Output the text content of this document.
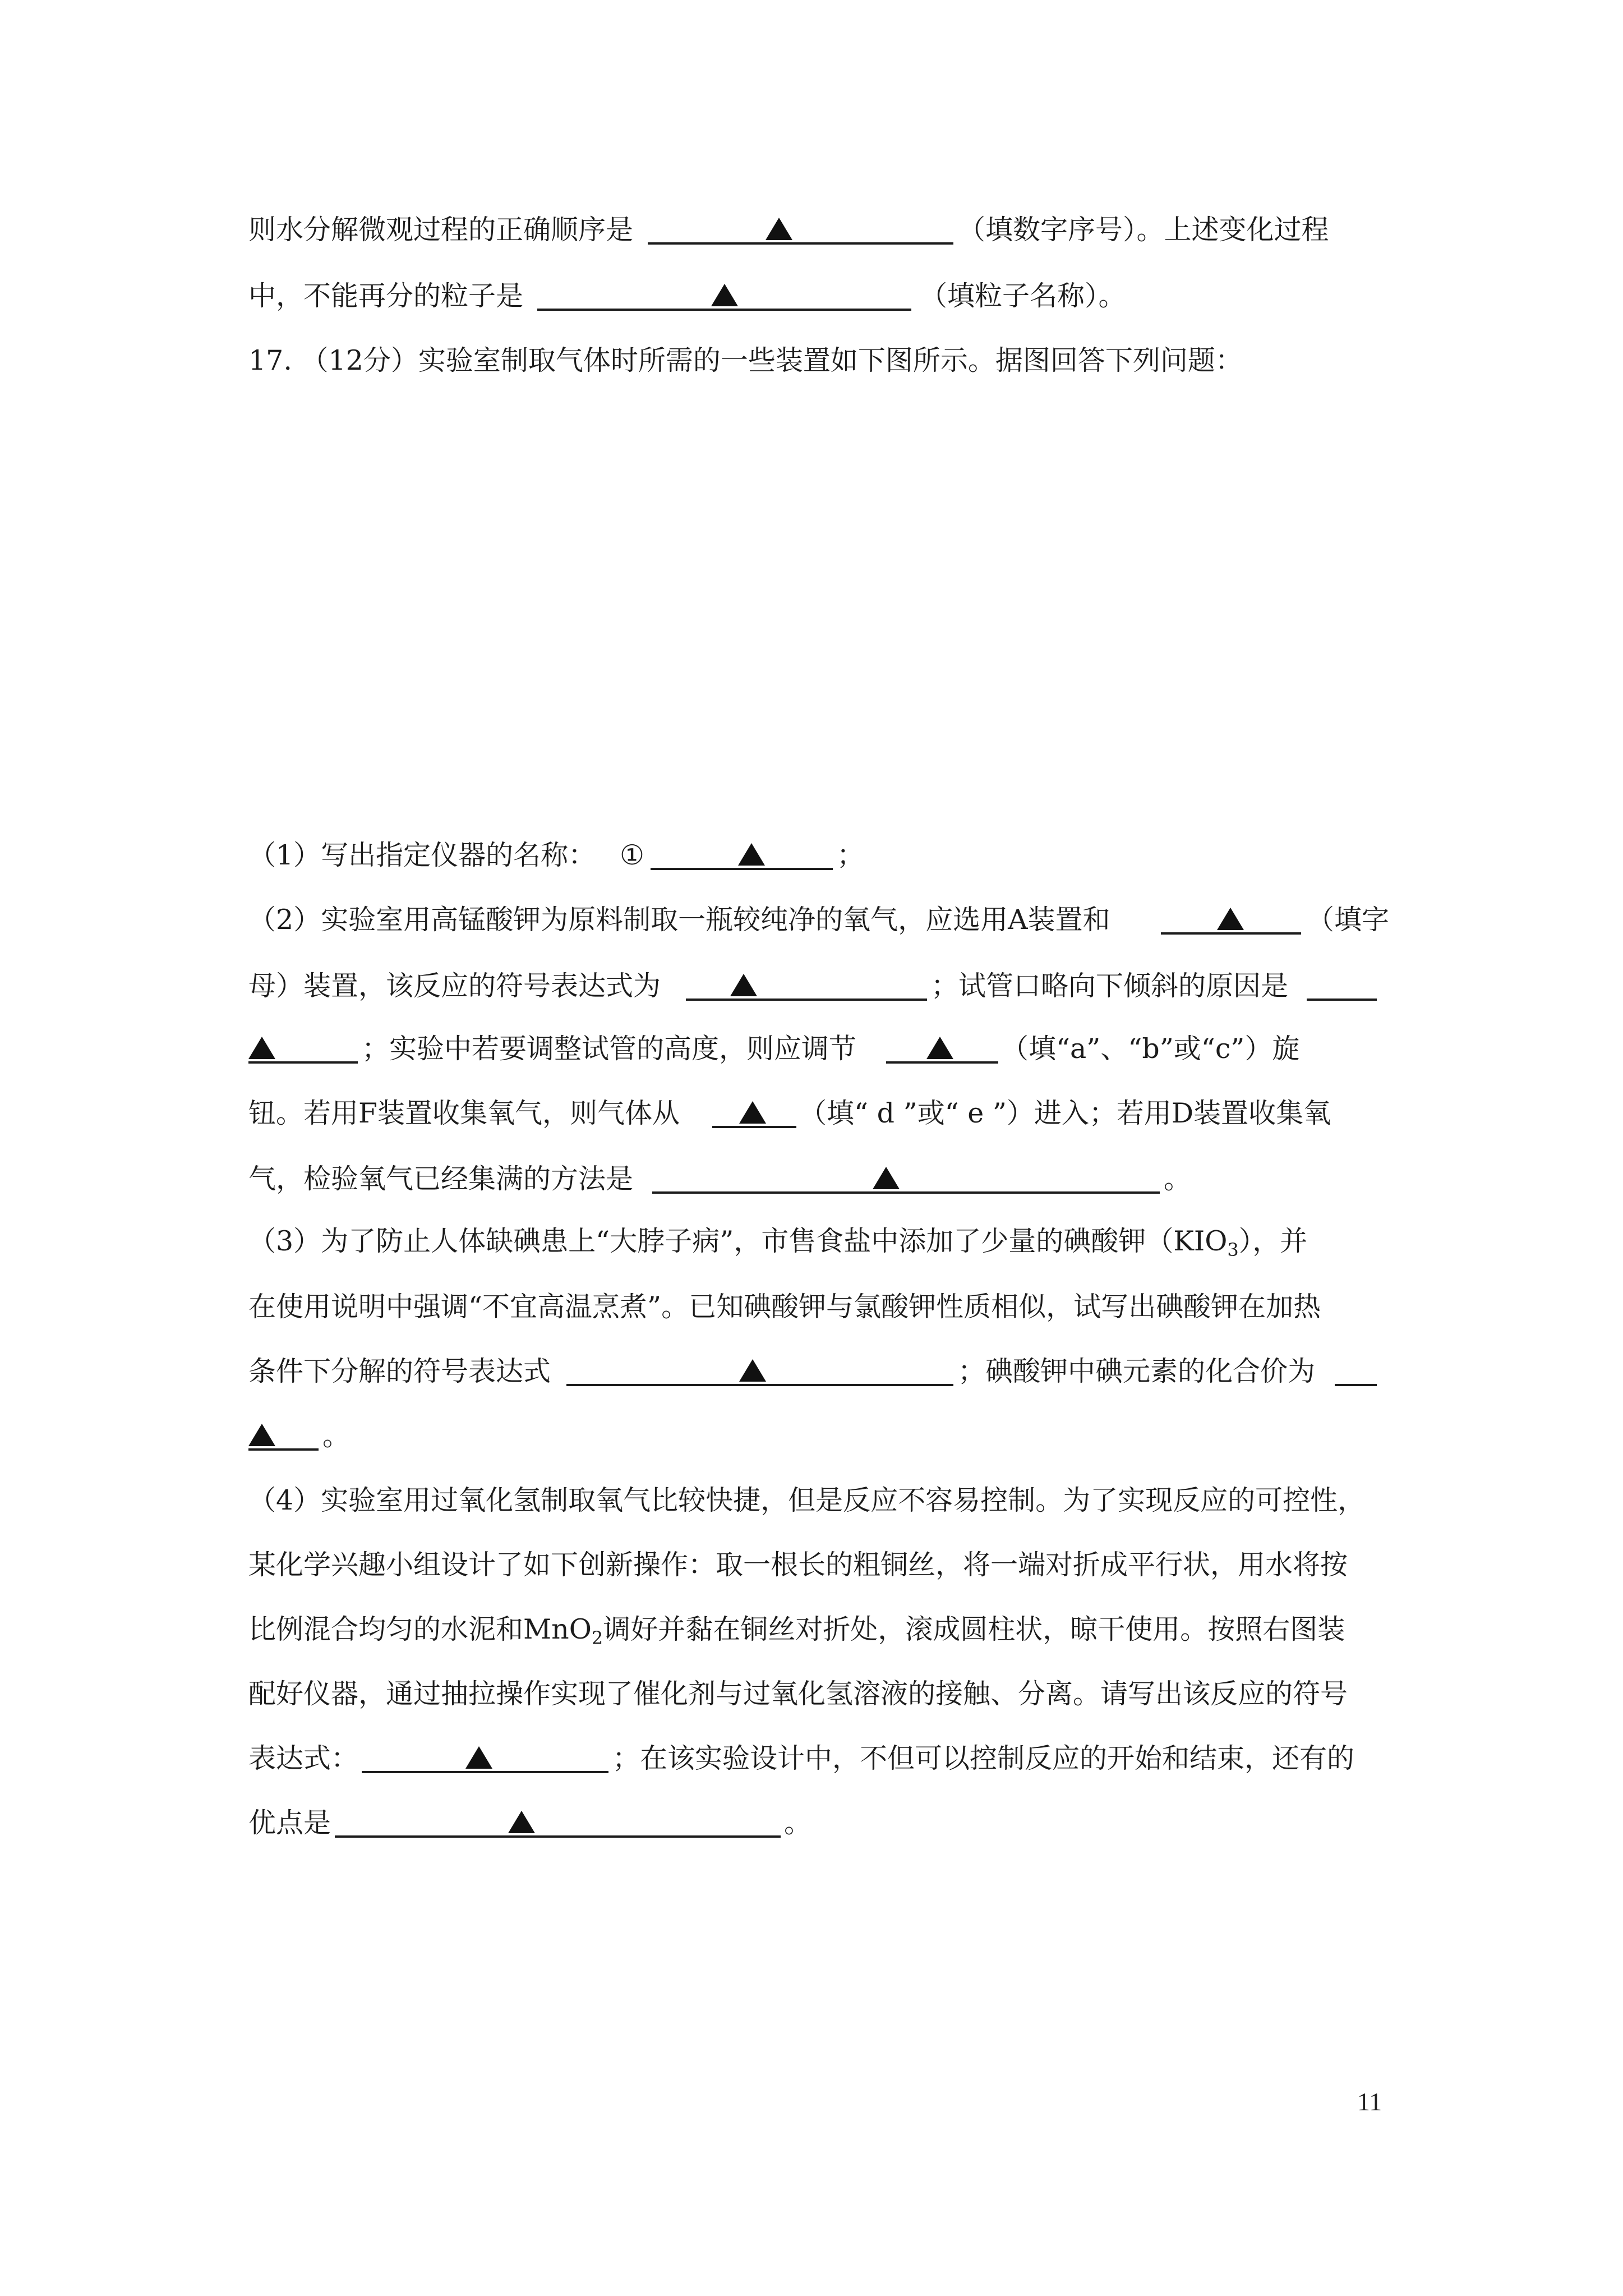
则水分解微观过程的正确顺序是	（填数字序号）。上述变化过程
中，不能再分的粒子是	（填粒子名称）。
17. （12分）实验室制取气体时所需的一些装置如下图所示。据图回答下列问题：
（1）写出指定仪器的名称： ①	；
（2）实验室用高锰酸钾为原料制取一瓶较纯净的氧气，应选用A装置和	（填字
母）装置，该反应的符号表达式为	；试管口略向下倾斜的原因是
；实验中若要调整试管的高度，则应调节	（填“a”、“b”或“c”）旋
钮。若用F装置收集氧气，则气体从	（填“ d ”或“ e ”）进入；若用D装置收集氧
气，检验氧气已经集满的方法是	。
（3）为了防止人体缺碘患上“大脖子病”，市售食盐中添加了少量的碘酸钾$(KIO_3)$，并
在使用说明中强调“不宜高温烹煮”。已知碘酸钾与氯酸钾性质相似，试写出碘酸钾在加热
条件下分解的符号表达式	；碘酸钾中碘元素的化合价为
。
（4）实验室用过氧化氢制取氧气比较快捷，但是反应不容易控制。为了实现反应的可控性，
某化学兴趣小组设计了如下创新操作：取一根长的粗铜丝，将一端对折成平行状，用水将按
比例混合均匀的水泥和MnO$_2$调好并黏在铜丝对折处，滚成圆柱状，晾干使用。按照右图装
配好仪器，通过抽拉操作实现了催化剂与过氧化氢溶液的接触、分离。请写出该反应的符号
表达式：	；在该实验设计中，不但可以控制反应的开始和结束，还有的
优点是	。
11
